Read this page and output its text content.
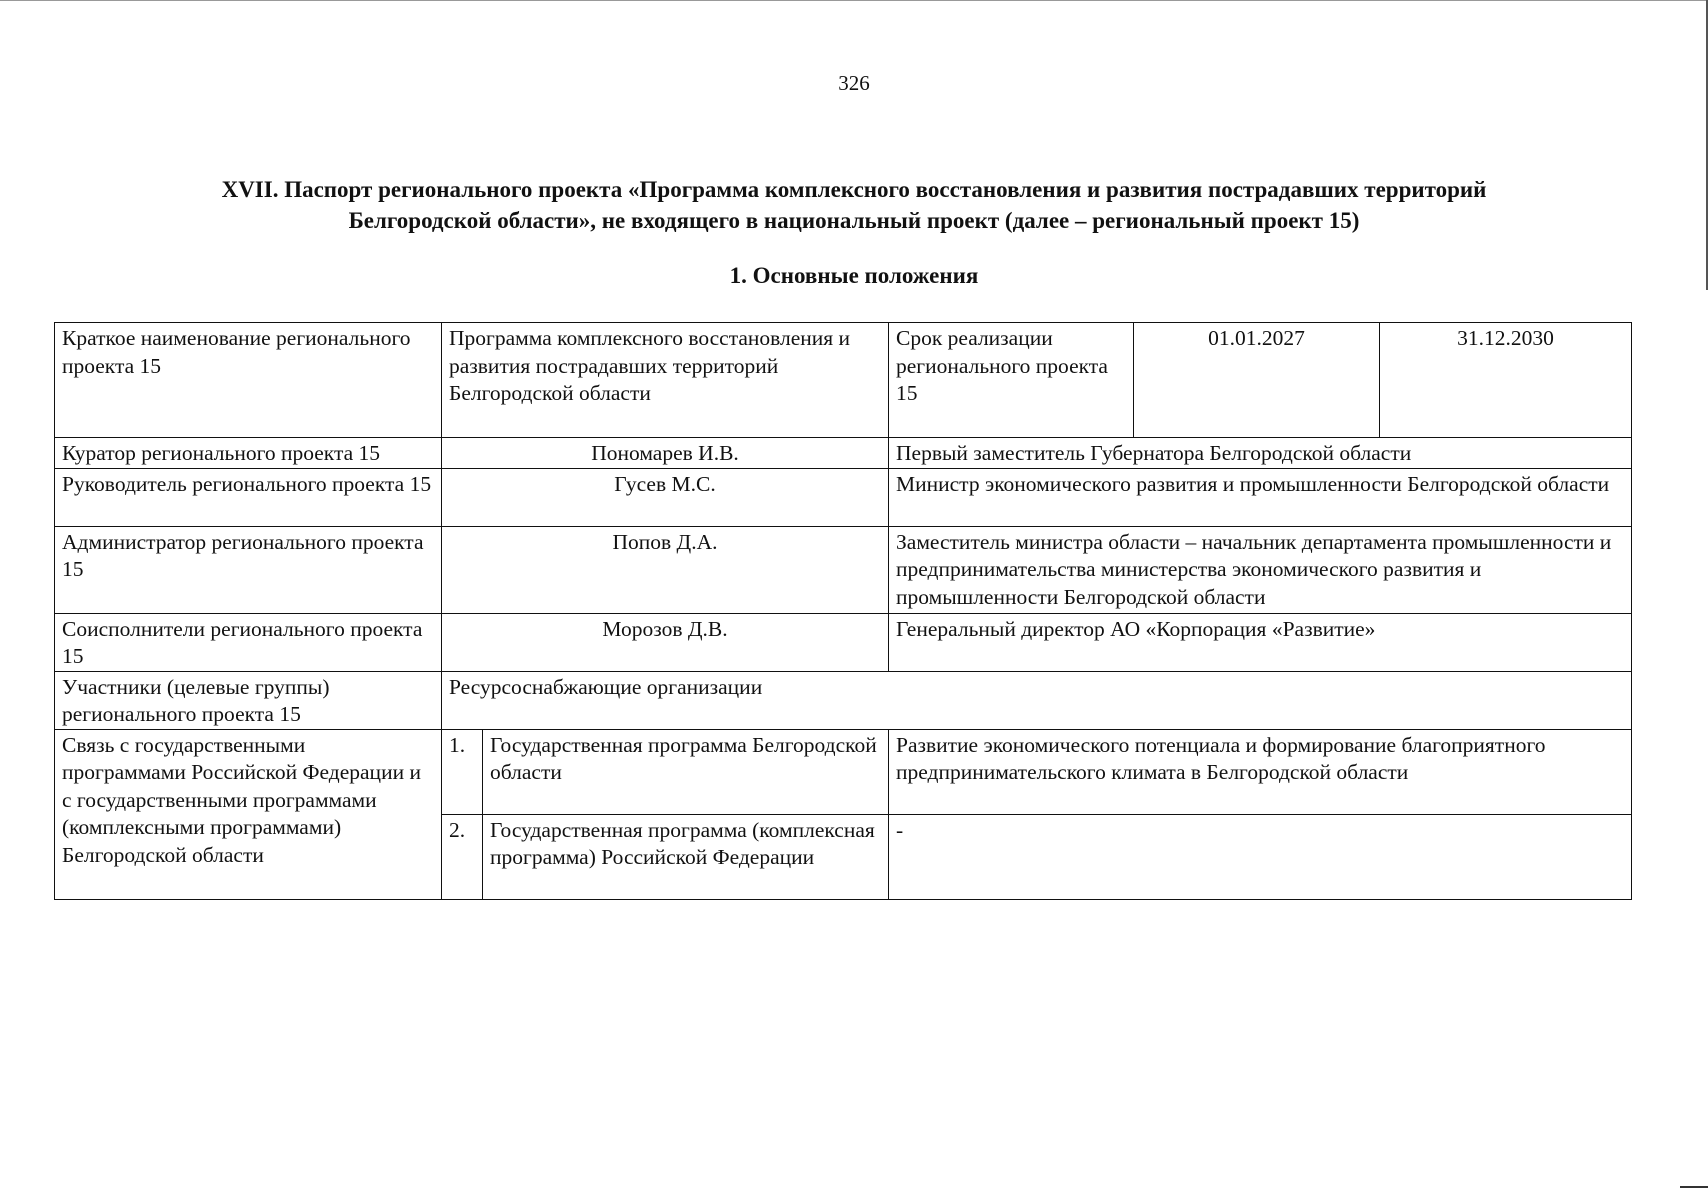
326
XVII. Паспорт регионального проекта «Программа комплексного восстановления и развития пострадавших территорий
Белгородской области», не входящего в национальный проект (далее – региональный проект 15)
1. Основные положения
Краткое наименование регионального проекта 15	Программа комплексного восстановления и развития пострадавших территорий Белгородской области		Срок реализации регионального проекта 15	01.01.2027	31.12.2030
Куратор регионального проекта 15	Пономарев И.В.		Первый заместитель Губернатора Белгородской области		
Руководитель регионального проекта 15	Гусев М.С.		Министр экономического развития и промышленности Белгородской области		
Администратор регионального проекта 15	Попов Д.А.		Заместитель министра области – начальник департамента промышленности и предпринимательства министерства экономического развития и промышленности Белгородской области		
Соисполнители регионального проекта 15	Морозов Д.В.		Генеральный директор АО «Корпорация «Развитие»		
Участники (целевые группы) регионального проекта 15	Ресурсоснабжающие организации				
Связь с государственными программами Российской Федерации и с государственными программами (комплексными программами) Белгородской области	1.	Государственная программа Белгородской области	Развитие экономического потенциала и формирование благоприятного предпринимательского климата в Белгородской области		
	2.	Государственная программа (комплексная программа) Российской Федерации	-		
